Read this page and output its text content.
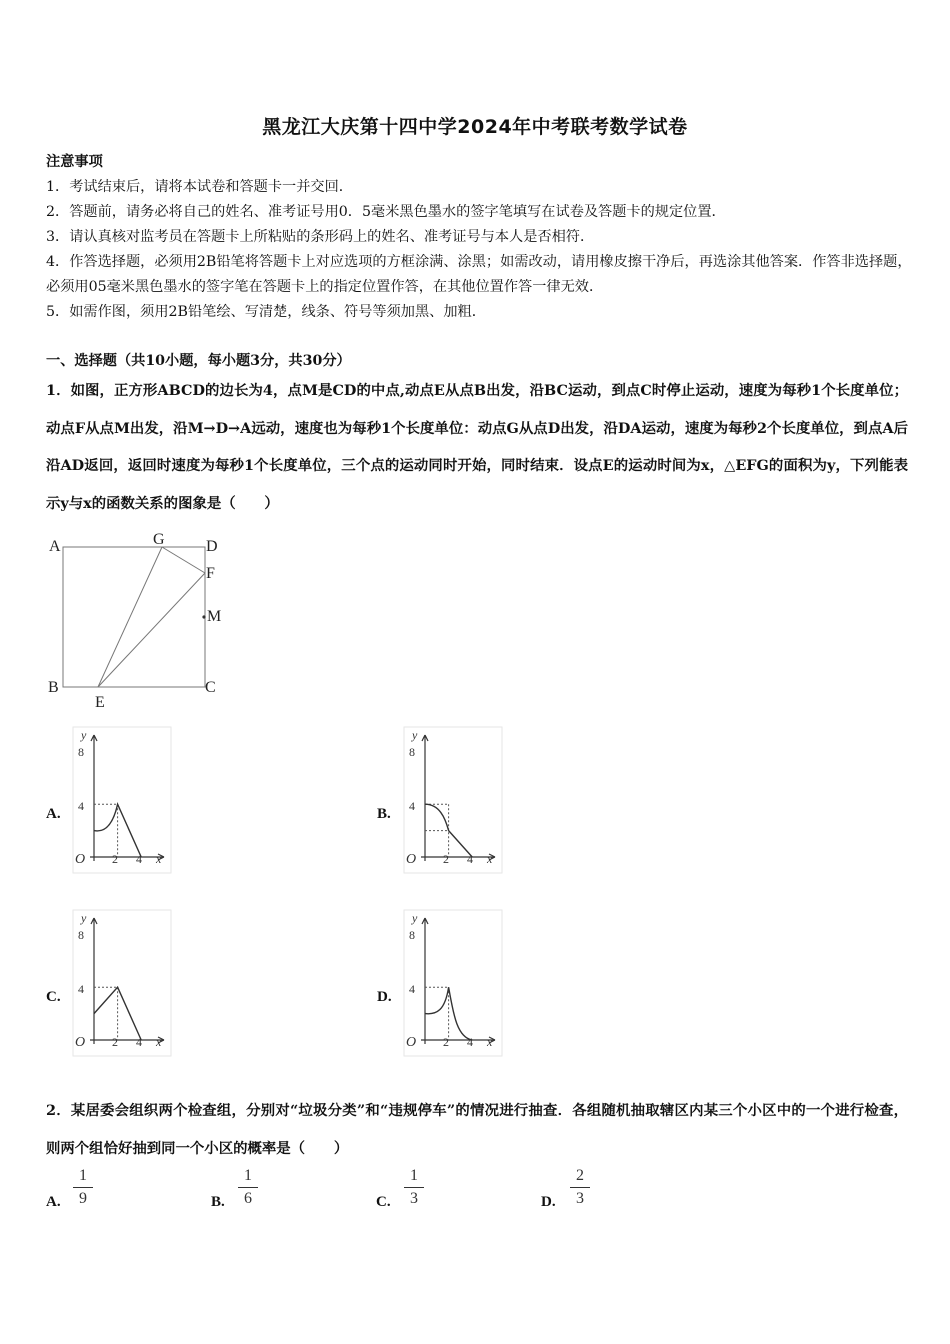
黑龙江大庆第十四中学2024年中考联考数学试卷
注意事项
1．考试结束后，请将本试卷和答题卡一并交回．
2．答题前，请务必将自己的姓名、准考证号用0．5毫米黑色墨水的签字笔填写在试卷及答题卡的规定位置．
3．请认真核对监考员在答题卡上所粘贴的条形码上的姓名、准考证号与本人是否相符．
4．作答选择题，必须用2B铅笔将答题卡上对应选项的方框涂满、涂黑；如需改动，请用橡皮擦干净后，再选涂其他答案．作答非选择题，必须用05毫米黑色墨水的签字笔在答题卡上的指定位置作答，在其他位置作答一律无效．
5．如需作图，须用2B铅笔绘、写清楚，线条、符号等须加黑、加粗．
一、选择题（共10小题，每小题3分，共30分）
1．如图，正方形ABCD的边长为4，点M是CD的中点,动点E从点B出发，沿BC运动，到点C时停止运动，速度为每秒1个长度单位；动点F从点M出发，沿M→D→A远动，速度也为每秒1个长度单位：动点G从点D出发，沿DA运动，速度为每秒2个长度单位，到点A后沿AD返回，返回时速度为每秒1个长度单位，三个点的运动同时开始，同时结束．设点E的运动时间为x，△EFG的面积为y，下列能表示y与x的函数关系的图象是（　　）
A	G	D
F
M
B
E
C
A.	B.
C.	D.
y
x
O
8
4
2 4
y
x
O
8
4
2 4
y
x
O
8
4
2 4
y
x
O
8
4
2 4
2．某居委会组织两个检查组，分别对“垃圾分类”和“违规停车”的情况进行抽查．各组随机抽取辖区内某三个小区中的一个进行检查，则两个组恰好抽到同一个小区的概率是（　　）
A.
1
9	B.
1
6	C.
1
3	D.
2
3
